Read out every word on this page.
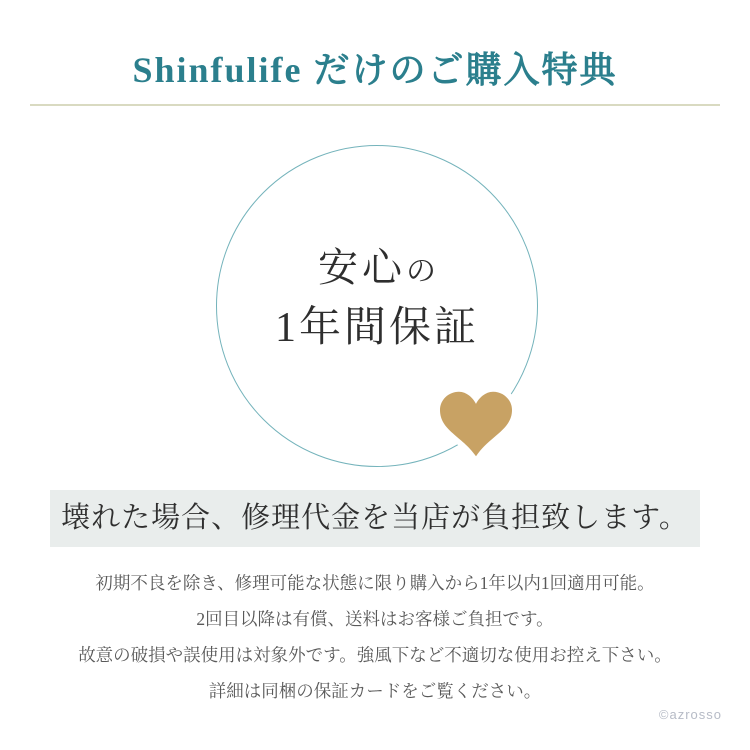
Shinfulife だけのご購入特典
安心の
1年間保証
壊れた場合、修理代金を当店が負担致します。

初期不良を除き、修理可能な状態に限り購入から1年以内1回適用可能。

2回目以降は有償、送料はお客様ご負担です。

故意の破損や誤使用は対象外です。強風下など不適切な使用お控え下さい。

詳細は同梱の保証カードをご覧ください。

©azrosso
